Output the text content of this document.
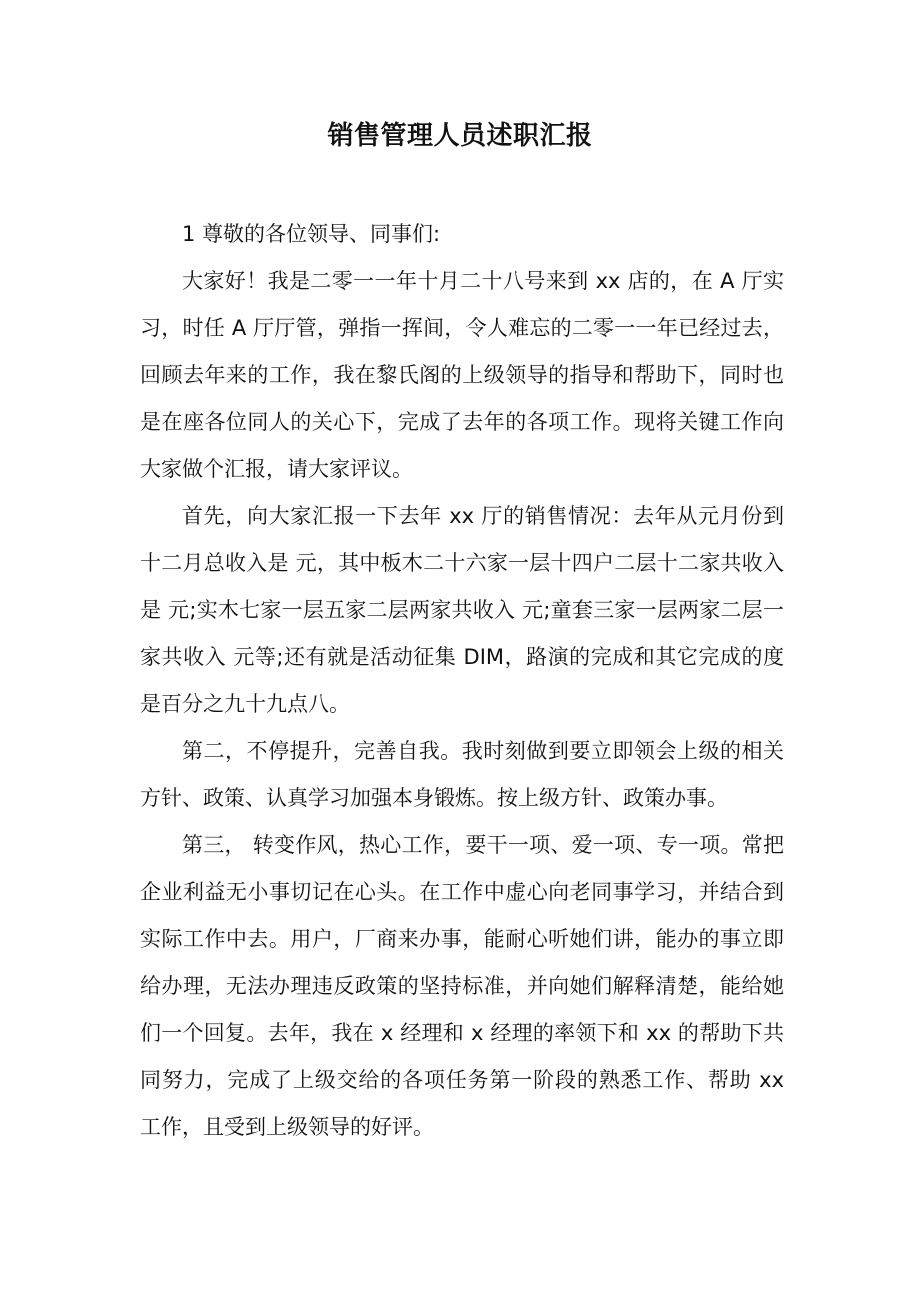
销售管理人员述职汇报

1 尊敬的各位领导、同事们:

大家好！我是二零一一年十月二十八号来到 xx 店的，在 A 厅实习，时任 A 厅厅管，弹指一挥间，令人难忘的二零一一年已经过去，回顾去年来的工作，我在黎氏阁的上级领导的指导和帮助下，同时也是在座各位同人的关心下，完成了去年的各项工作。现将关键工作向大家做个汇报，请大家评议。

首先，向大家汇报一下去年 xx 厅的销售情况：去年从元月份到十二月总收入是 元，其中板木二十六家一层十四户二层十二家共收入是 元;实木七家一层五家二层两家共收入 元;童套三家一层两家二层一家共收入 元等;还有就是活动征集 DIM，路演的完成和其它完成的度是百分之九十九点八。

第二，不停提升，完善自我。我时刻做到要立即领会上级的相关方针、政策、认真学习加强本身锻炼。按上级方针、政策办事。

第三， 转变作风，热心工作，要干一项、爱一项、专一项。常把企业利益无小事切记在心头。在工作中虚心向老同事学习，并结合到实际工作中去。用户，厂商来办事，能耐心听她们讲，能办的事立即给办理，无法办理违反政策的坚持标准，并向她们解释清楚，能给她们一个回复。去年，我在 x 经理和 x 经理的率领下和 xx 的帮助下共同努力，完成了上级交给的各项任务第一阶段的熟悉工作、帮助 xx 工作，且受到上级领导的好评。
